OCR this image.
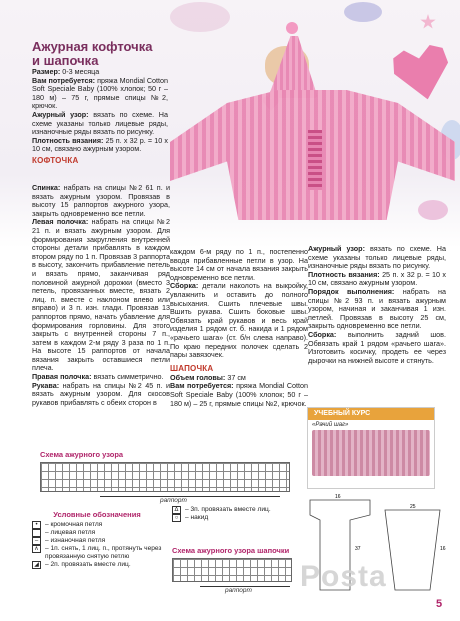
Ажурная кофточка
и шапочка

Размер: 0-3 месяца

Вам потребуется: пряжа Mondial Cotton Soft Speciale Baby (100% хлопок; 50 г – 180 м) – 75 г, прямые спицы №2, крючок.

Ажурный узор: вязать по схеме. На схеме указаны только лицевые ряды, изнаночные ряды вязать по рисунку.

Плотность вязания: 25 п. х 32 р. = 10 х 10 см, связано ажурным узором.

КОФТОЧКА

Спинка: набрать на спицы №2 61 п. и вязать ажурным узором. Провязав в высоту 15 раппортов ажурного узора, закрыть одновременно все петли.

Левая полочка: набрать на спицы №2 21 п. и вязать ажурным узором. Для формирования закругления внутренней стороны детали прибавлять в каждом втором ряду по 1 п. Провязав 3 раппорта в высоту, закончить прибавление петель и вязать прямо, заканчивая ряд половиной ажурной дорожки (вместо 3 петель, провязанных вместе, вязать 2 лиц. п. вместе с наклоном влево или вправо) и 3 п. изн. глади. Провязав 13 раппортов прямо, начать убавление для формирования горловины. Для этого закрыть с внутренней стороны 7 п., затем в каждом 2-м ряду 3 раза по 1 п. На высоте 15 раппортов от начала вязания закрыть оставшиеся петли плеча.

Правая полочка: вязать симметрично.

Рукава: набрать на спицы №2 45 п. и вязать ажурным узором. Для скосов рукавов прибавлять с обеих сторон в

каждом 6-м ряду по 1 п., постепенно вводя прибавленные петли в узор. На высоте 14 см от начала вязания закрыть одновременно все петли.

Сборка: детали наколоть на выкройку, увлажнить и оставить до полного высыхания. Сшить плечевые швы. Вшить рукава. Сшить боковые швы. Обвязать край рукавов и весь край изделия 1 рядом ст. б. накида и 1 рядом «рачьего шага» (ст. б/н слева направо). По краю передних полочек сделать 2 пары завязочек.

ШАПОЧКА

Объем головы: 37 см

Вам потребуется: пряжа Mondial Cotton Soft Speciale Baby (100% хлопок; 50 г – 180 м) – 25 г, прямые спицы №2, крючок.

Ажурный узор: вязать по схеме. На схеме указаны только лицевые ряды, изнаночные ряды вязать по рисунку.

Плотность вязания: 25 п. х 32 р. = 10 х 10 см, связано ажурным узором.

Порядок выполнения: набрать на спицы №2 93 п. и вязать ажурным узором, начиная и заканчивая 1 изн. петлей. Провязав в высоту 25 см, закрыть одновременно все петли.

Сборка: выполнить задний шов. Обвязать край 1 рядом «рачьего шага». Изготовить косичку, продеть ее через дырочки на нижней высоте и стянуть.

Схема ажурного узора
раппорт
Условные обозначения
•	– кромочная петля
– лицевая петля
–	– изнаночная петля
∧ – 1п. снять, 1 лиц. п., протянуть через провязанную снятую петлю
◢ – 2п. провязать вместе лиц.
∆	– 3п. провязать вместе лиц.
○	– накид
Схема ажурного узора шапочки
раппорт
УЧЕБНЫЙ КУРС
«Рачий шаг»
16
37
25
16
Posta
5
